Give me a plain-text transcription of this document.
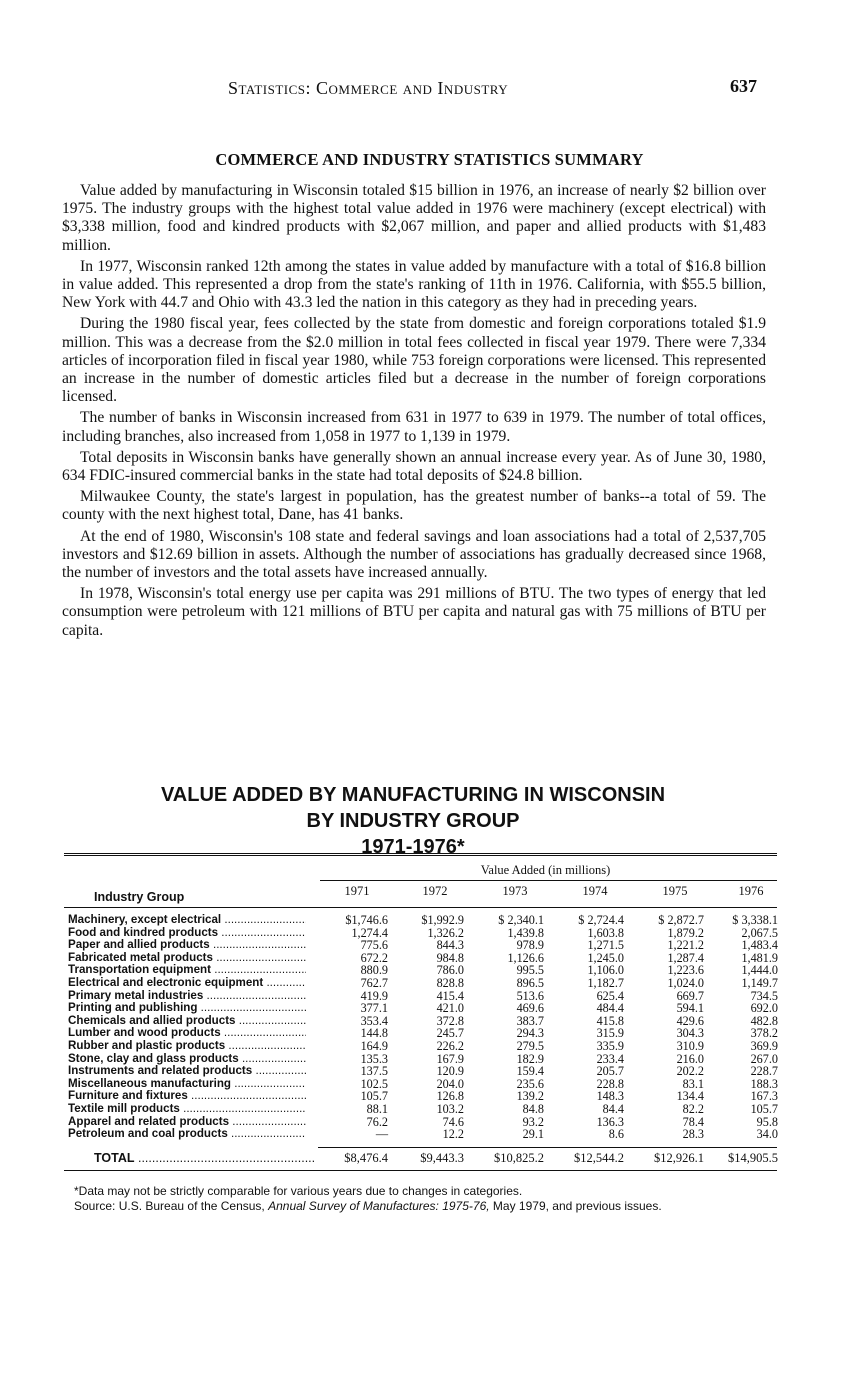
Statistics: Commerce and Industry	637
COMMERCE AND INDUSTRY STATISTICS SUMMARY

Value added by manufacturing in Wisconsin totaled $15 billion in 1976, an increase of nearly $2 billion over 1975. The industry groups with the highest total value added in 1976 were machinery (except electrical) with $3,338 million, food and kindred products with $2,067 million, and paper and allied products with $1,483 million.

In 1977, Wisconsin ranked 12th among the states in value added by manufacture with a total of $16.8 billion in value added. This represented a drop from the state's ranking of 11th in 1976. California, with $55.5 billion, New York with 44.7 and Ohio with 43.3 led the nation in this category as they had in preceding years.

During the 1980 fiscal year, fees collected by the state from domestic and foreign corporations totaled $1.9 million. This was a decrease from the $2.0 million in total fees collected in fiscal year 1979. There were 7,334 articles of incorporation filed in fiscal year 1980, while 753 foreign corporations were licensed. This represented an increase in the number of domestic articles filed but a decrease in the number of foreign corporations licensed.

The number of banks in Wisconsin increased from 631 in 1977 to 639 in 1979. The number of total offices, including branches, also increased from 1,058 in 1977 to 1,139 in 1979.

Total deposits in Wisconsin banks have generally shown an annual increase every year. As of June 30, 1980, 634 FDIC-insured commercial banks in the state had total deposits of $24.8 billion.

Milwaukee County, the state's largest in population, has the greatest number of banks--a total of 59. The county with the next highest total, Dane, has 41 banks.

At the end of 1980, Wisconsin's 108 state and federal savings and loan associations had a total of 2,537,705 investors and $12.69 billion in assets. Although the number of associations has gradually decreased since 1968, the number of investors and the total assets have increased annually.

In 1978, Wisconsin's total energy use per capita was 291 millions of BTU. The two types of energy that led consumption were petroleum with 121 millions of BTU per capita and natural gas with 75 millions of BTU per capita.

VALUE ADDED BY MANUFACTURING IN WISCONSIN
BY INDUSTRY GROUP
1971-1976*
Value Added (in millions)
Industry Group	1971	1972	1973	1974	1975	1976
Machinery, except electrical .....	$1,746.6	$1,992.9	$ 2,340.1	$ 2,724.4	$ 2,872.7	$ 3,338.1
Food and kindred products .....	1,274.4	1,326.2	1,439.8	1,603.8	1,879.2	2,067.5
Paper and allied products .....	775.6	844.3	978.9	1,271.5	1,221.2	1,483.4
Fabricated metal products .....	672.2	984.8	1,126.6	1,245.0	1,287.4	1,481.9
Transportation equipment .....	880.9	786.0	995.5	1,106.0	1,223.6	1,444.0
Electrical and electronic equipment .....	762.7	828.8	896.5	1,182.7	1,024.0	1,149.7
Primary metal industries .....	419.9	415.4	513.6	625.4	669.7	734.5
Printing and publishing .....	377.1	421.0	469.6	484.4	594.1	692.0
Chemicals and allied products .....	353.4	372.8	383.7	415.8	429.6	482.8
Lumber and wood products .....	144.8	245.7	294.3	315.9	304.3	378.2
Rubber and plastic products .....	164.9	226.2	279.5	335.9	310.9	369.9
Stone, clay and glass products .....	135.3	167.9	182.9	233.4	216.0	267.0
Instruments and related products .....	137.5	120.9	159.4	205.7	202.2	228.7
Miscellaneous manufacturing .....	102.5	204.0	235.6	228.8	83.1	188.3
Furniture and fixtures .....	105.7	126.8	139.2	148.3	134.4	167.3
Textile mill products .....	88.1	103.2	84.8	84.4	82.2	105.7
Apparel and related products .....	76.2	74.6	93.2	136.3	78.4	95.8
Petroleum and coal products .....	—	12.2	29.1	8.6	28.3	34.0
TOTAL .....	$8,476.4	$9,443.3	$10,825.2	$12,544.2	$12,926.1	$14,905.5
*Data may not be strictly comparable for various years due to changes in categories.
Source: U.S. Bureau of the Census, Annual Survey of Manufactures: 1975-76, May 1979, and previous issues.
